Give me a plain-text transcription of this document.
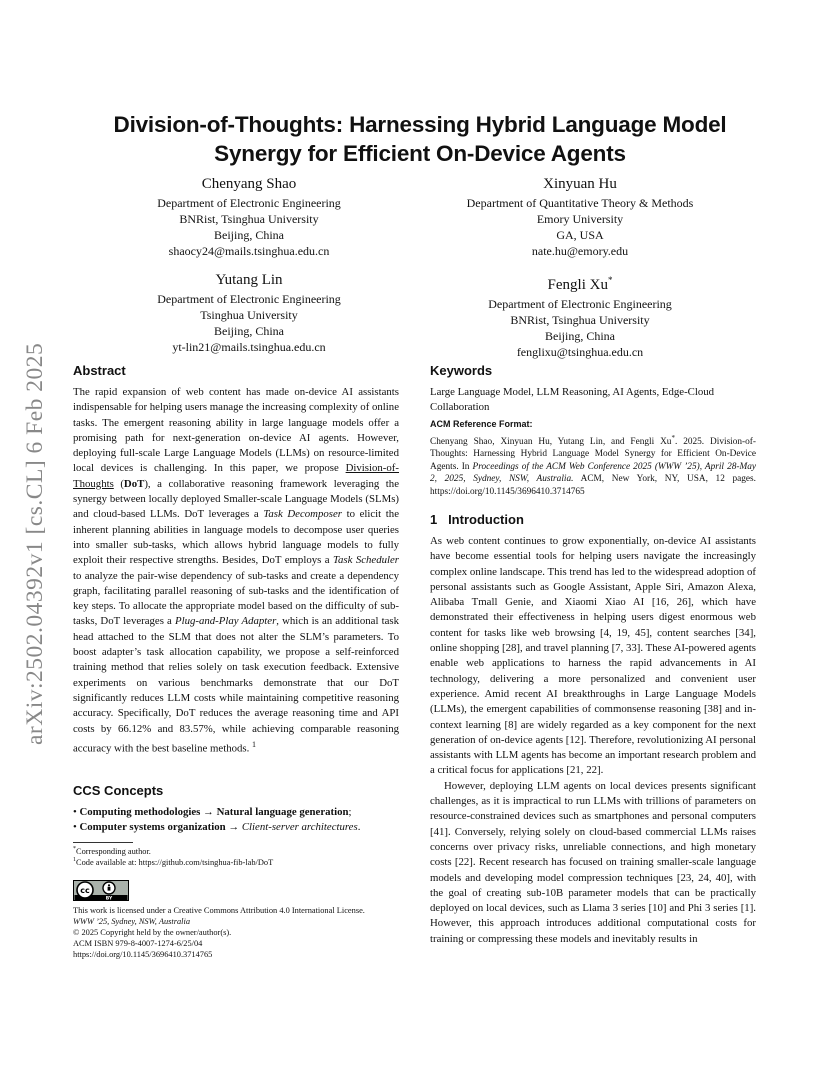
Division-of-Thoughts: Harnessing Hybrid Language Model
Synergy for Efficient On-Device Agents
Chenyang Shao
Department of Electronic Engineering
BNRist, Tsinghua University
Beijing, China
shaocy24@mails.tsinghua.edu.cn
Xinyuan Hu
Department of Quantitative Theory & Methods
Emory University
GA, USA
nate.hu@emory.edu
Yutang Lin
Department of Electronic Engineering
Tsinghua University
Beijing, China
yt-lin21@mails.tsinghua.edu.cn
Fengli Xu*
Department of Electronic Engineering
BNRist, Tsinghua University
Beijing, China
fenglixu@tsinghua.edu.cn
arXiv:2502.04392v1 [cs.CL] 6 Feb 2025	Abstract

The rapid expansion of web content has made on-device AI assistants indispensable for helping users manage the increasing complexity of online tasks. The emergent reasoning ability in large language models offer a promising path for next-generation on-device AI agents. However, deploying full-scale Large Language Models (LLMs) on resource-limited local devices is challenging. In this paper, we propose Division-of-Thoughts (DoT), a collaborative reasoning framework leveraging the synergy between locally deployed Smaller-scale Language Models (SLMs) and cloud-based LLMs. DoT leverages a Task Decomposer to elicit the inherent planning abilities in language models to decompose user queries into smaller sub-tasks, which allows hybrid language models to fully exploit their respective strengths. Besides, DoT employs a Task Scheduler to analyze the pair-wise dependency of sub-tasks and create a dependency graph, facilitating parallel reasoning of sub-tasks and the identification of key steps. To allocate the appropriate model based on the difficulty of sub-tasks, DoT leverages a Plug-and-Play Adapter, which is an additional task head attached to the SLM that does not alter the SLM’s parameters. To boost adapter’s task allocation capability, we propose a self-reinforced training method that relies solely on task execution feedback. Extensive experiments on various benchmarks demonstrate that our DoT significantly reduces LLM costs while maintaining competitive reasoning accuracy. Specifically, DoT reduces the average reasoning time and API costs by 66.12% and 83.57%, while achieving comparable reasoning accuracy with the best baseline methods. $^1$

CCS Concepts
• Computing methodologies → Natural language generation;
• Computer systems organization → Client-server architectures.
*Corresponding author.
$^1$Code available at: https://github.com/tsinghua-fib-lab/DoT
cc
BY
This work is licensed under a Creative Commons Attribution 4.0 International License.
WWW ’25, Sydney, NSW, Australia
© 2025 Copyright held by the owner/author(s).
ACM ISBN 979-8-4007-1274-6/25/04
https://doi.org/10.1145/3696410.3714765
Keywords

Large Language Model, LLM Reasoning, AI Agents, Edge-Cloud Collaboration

ACM Reference Format:
Chenyang Shao, Xinyuan Hu, Yutang Lin, and Fengli Xu*. 2025. Division-of-Thoughts: Harnessing Hybrid Language Model Synergy for Efficient On-Device Agents. In Proceedings of the ACM Web Conference 2025 (WWW ’25), April 28-May 2, 2025, Sydney, NSW, Australia. ACM, New York, NY, USA, 12 pages. https://doi.org/10.1145/3696410.3714765
1   Introduction

As web content continues to grow exponentially, on-device AI assistants have become essential tools for helping users navigate the increasingly complex online landscape. This trend has led to the widespread adoption of personal assistants such as Google Assistant, Apple Siri, Amazon Alexa, Alibaba Tmall Genie, and Xiaomi Xiao AI [16, 26], which have demonstrated their effectiveness in helping users digest enormous web content for tasks like web browsing [4, 19, 45], content searches [34], online shopping [28], and travel planning [7, 33]. These AI-powered agents enable web applications to harness the rapid advancements in AI technology, delivering a more personalized and convenient user experience. Amid recent AI breakthroughs in Large Language Models (LLMs), the emergent capabilities of commonsense reasoning [38] and in-context learning [8] are widely regarded as a key component for the next generation of on-device agents [12]. Therefore, revolutionizing AI personal assistants with LLM agents has become an important research problem and a critical focus for applications [21, 22].

However, deploying LLM agents on local devices presents significant challenges, as it is impractical to run LLMs with trillions of parameters on resource-constrained devices such as smartphones and personal computers [41]. Conversely, relying solely on cloud-based commercial LLMs raises concerns over privacy risks, unreliable connections, and high monetary costs [22]. Recent research has focused on training smaller-scale language models and developing model compression techniques [23, 24, 40], with the goal of creating sub-10B parameter models that can be practically deployed on local devices, such as Llama 3 series [10] and Phi 3 series [1]. However, this approach introduces additional computational costs for training or compressing these models and inevitably results in
